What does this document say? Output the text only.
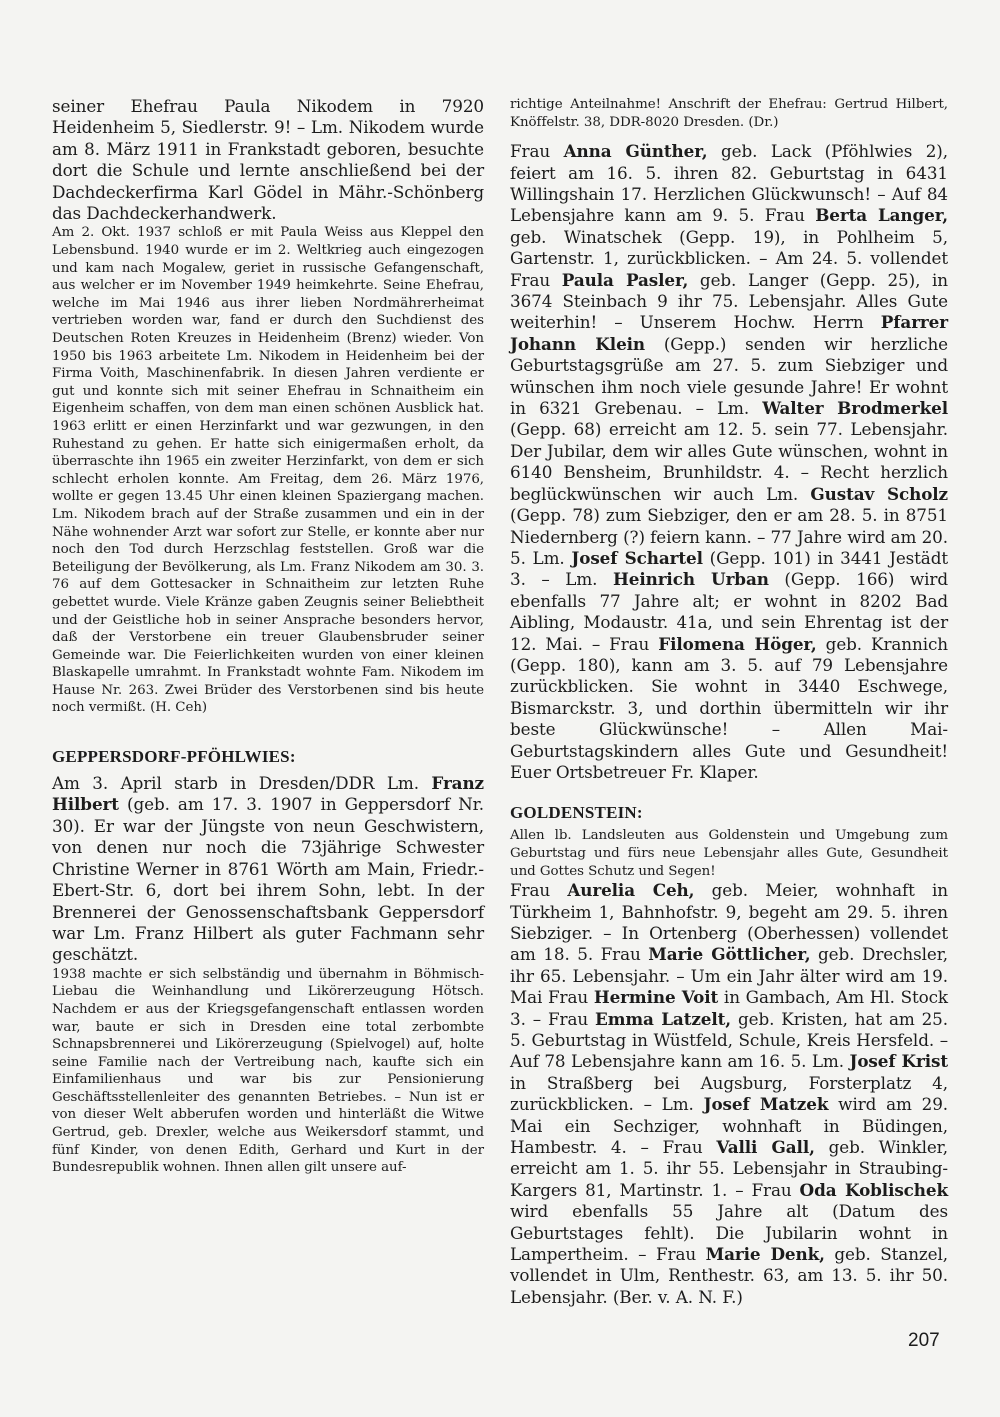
seiner Ehefrau Paula Nikodem in 7920 Heidenheim 5, Siedlerstr. 9! – Lm. Nikodem wurde am 8. März 1911 in Frankstadt geboren, besuchte dort die Schule und lernte anschließend bei der Dachdeckerfirma Karl Gödel in Mähr.-Schönberg das Dachdeckerhandwerk.

Am 2. Okt. 1937 schloß er mit Paula Weiss aus Kleppel den Lebensbund. 1940 wurde er im 2. Weltkrieg auch eingezogen und kam nach Mogalew, geriet in russische Gefangenschaft, aus welcher er im November 1949 heimkehrte. Seine Ehefrau, welche im Mai 1946 aus ihrer lieben Nordmährerheimat vertrieben worden war, fand er durch den Suchdienst des Deutschen Roten Kreuzes in Heidenheim (Brenz) wieder. Von 1950 bis 1963 arbeitete Lm. Nikodem in Heidenheim bei der Firma Voith, Maschinenfabrik. In diesen Jahren verdiente er gut und konnte sich mit seiner Ehefrau in Schnaitheim ein Eigenheim schaffen, von dem man einen schönen Ausblick hat. 1963 erlitt er einen Herzinfarkt und war gezwungen, in den Ruhestand zu gehen. Er hatte sich einigermaßen erholt, da überraschte ihn 1965 ein zweiter Herzinfarkt, von dem er sich schlecht erholen konnte. Am Freitag, dem 26. März 1976, wollte er gegen 13.45 Uhr einen kleinen Spaziergang machen. Lm. Nikodem brach auf der Straße zusammen und ein in der Nähe wohnender Arzt war sofort zur Stelle, er konnte aber nur noch den Tod durch Herzschlag feststellen. Groß war die Beteiligung der Bevölkerung, als Lm. Franz Nikodem am 30. 3. 76 auf dem Gottesacker in Schnaitheim zur letzten Ruhe gebettet wurde. Viele Kränze gaben Zeugnis seiner Beliebtheit und der Geistliche hob in seiner Ansprache besonders hervor, daß der Verstorbene ein treuer Glaubensbruder seiner Gemeinde war. Die Feierlichkeiten wurden von einer kleinen Blaskapelle umrahmt. In Frankstadt wohnte Fam. Nikodem im Hause Nr. 263. Zwei Brüder des Verstorbenen sind bis heute noch vermißt. (H. Ceh)

GEPPERSDORF-PFÖHLWIES:

Am 3. April starb in Dresden/DDR Lm. Franz Hilbert (geb. am 17. 3. 1907 in Geppersdorf Nr. 30). Er war der Jüngste von neun Geschwistern, von denen nur noch die 73jährige Schwester Christine Werner in 8761 Wörth am Main, Friedr.-Ebert-Str. 6, dort bei ihrem Sohn, lebt. In der Brennerei der Genossenschaftsbank Geppersdorf war Lm. Franz Hilbert als guter Fachmann sehr geschätzt.

1938 machte er sich selbständig und übernahm in Böhmisch-Liebau die Weinhandlung und Likörerzeugung Hötsch. Nachdem er aus der Kriegsgefangenschaft entlassen worden war, baute er sich in Dresden eine total zerbombte Schnapsbrennerei und Likörerzeugung (Spielvogel) auf, holte seine Familie nach der Vertreibung nach, kaufte sich ein Einfamilienhaus und war bis zur Pensionierung Geschäftsstellenleiter des genannten Betriebes. – Nun ist er von dieser Welt abberufen worden und hinterläßt die Witwe Gertrud, geb. Drexler, welche aus Weikersdorf stammt, und fünf Kinder, von denen Edith, Gerhard und Kurt in der Bundesrepublik wohnen. Ihnen allen gilt unsere auf-

richtige Anteilnahme! Anschrift der Ehefrau: Gertrud Hilbert, Knöffelstr. 38, DDR-8020 Dresden. (Dr.)

Frau Anna Günther, geb. Lack (Pföhlwies 2), feiert am 16. 5. ihren 82. Geburtstag in 6431 Willingshain 17. Herzlichen Glückwunsch! – Auf 84 Lebensjahre kann am 9. 5. Frau Berta Langer, geb. Winatschek (Gepp. 19), in Pohlheim 5, Gartenstr. 1, zurückblicken. – Am 24. 5. vollendet Frau Paula Pasler, geb. Langer (Gepp. 25), in 3674 Steinbach 9 ihr 75. Lebensjahr. Alles Gute weiterhin! – Unserem Hochw. Herrn Pfarrer Johann Klein (Gepp.) senden wir herzliche Geburtstagsgrüße am 27. 5. zum Siebziger und wünschen ihm noch viele gesunde Jahre! Er wohnt in 6321 Grebenau. – Lm. Walter Brodmerkel (Gepp. 68) erreicht am 12. 5. sein 77. Lebensjahr. Der Jubilar, dem wir alles Gute wünschen, wohnt in 6140 Bensheim, Brunhildstr. 4. – Recht herzlich beglückwünschen wir auch Lm. Gustav Scholz (Gepp. 78) zum Siebziger, den er am 28. 5. in 8751 Niedernberg (?) feiern kann. – 77 Jahre wird am 20. 5. Lm. Josef Schartel (Gepp. 101) in 3441 Jestädt 3. – Lm. Heinrich Urban (Gepp. 166) wird ebenfalls 77 Jahre alt; er wohnt in 8202 Bad Aibling, Modaustr. 41a, und sein Ehrentag ist der 12. Mai. – Frau Filomena Höger, geb. Krannich (Gepp. 180), kann am 3. 5. auf 79 Lebensjahre zurückblicken. Sie wohnt in 3440 Eschwege, Bismarckstr. 3, und dorthin übermitteln wir ihr beste Glückwünsche! – Allen Mai-Geburtstagskindern alles Gute und Gesundheit! Euer Ortsbetreuer Fr. Klaper.

GOLDENSTEIN:

Allen lb. Landsleuten aus Goldenstein und Umgebung zum Geburtstag und fürs neue Lebensjahr alles Gute, Gesundheit und Gottes Schutz und Segen!

Frau Aurelia Ceh, geb. Meier, wohnhaft in Türkheim 1, Bahnhofstr. 9, begeht am 29. 5. ihren Siebziger. – In Ortenberg (Oberhessen) vollendet am 18. 5. Frau Marie Göttlicher, geb. Drechsler, ihr 65. Lebensjahr. – Um ein Jahr älter wird am 19. Mai Frau Hermine Voit in Gambach, Am Hl. Stock 3. – Frau Emma Latzelt, geb. Kristen, hat am 25. 5. Geburtstag in Wüstfeld, Schule, Kreis Hersfeld. – Auf 78 Lebensjahre kann am 16. 5. Lm. Josef Krist in Straßberg bei Augsburg, Forsterplatz 4, zurückblicken. – Lm. Josef Matzek wird am 29. Mai ein Sechziger, wohnhaft in Büdingen, Hambestr. 4. – Frau Valli Gall, geb. Winkler, erreicht am 1. 5. ihr 55. Lebensjahr in Straubing-Kargers 81, Martinstr. 1. – Frau Oda Koblischek wird ebenfalls 55 Jahre alt (Datum des Geburtstages fehlt). Die Jubilarin wohnt in Lampertheim. – Frau Marie Denk, geb. Stanzel, vollendet in Ulm, Renthestr. 63, am 13. 5. ihr 50. Lebensjahr. (Ber. v. A. N. F.)

207
